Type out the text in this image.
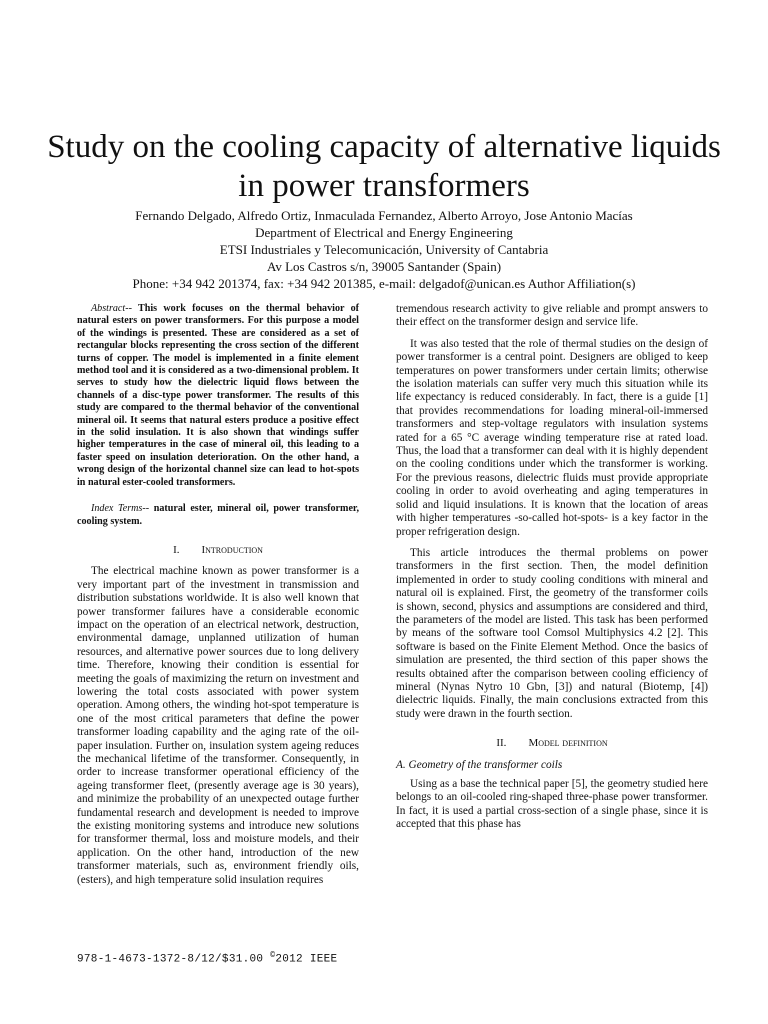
Study on the cooling capacity of alternative liquids
in power transformers
Fernando Delgado, Alfredo Ortiz, Inmaculada Fernandez, Alberto Arroyo, Jose Antonio Macías
Department of Electrical and Energy Engineering
ETSI Industriales y Telecomunicación, University of Cantabria
Av Los Castros s/n, 39005 Santander (Spain)
Phone: +34 942 201374, fax: +34 942 201385, e-mail: delgadof@unican.es Author Affiliation(s)

Abstract-- This work focuses on the thermal behavior of natural esters on power transformers. For this purpose a model of the windings is presented. These are considered as a set of rectangular blocks representing the cross section of the different turns of copper. The model is implemented in a finite element method tool and it is considered as a two-dimensional problem. It serves to study how the dielectric liquid flows between the channels of a disc-type power transformer. The results of this study are compared to the thermal behavior of the conventional mineral oil. It seems that natural esters produce a positive effect in the solid insulation. It is also shown that windings suffer higher temperatures in the case of mineral oil, this leading to a faster speed on insulation deterioration. On the other hand, a wrong design of the horizontal channel size can lead to hot-spots in natural ester-cooled transformers.

Index Terms-- natural ester, mineral oil, power transformer, cooling system.

I. Introduction

The electrical machine known as power transformer is a very important part of the investment in transmission and distribution substations worldwide. It is also well known that power transformer failures have a considerable economic impact on the operation of an electrical network, destruction, environmental damage, unplanned utilization of human resources, and alternative power sources due to long delivery time. Therefore, knowing their condition is essential for meeting the goals of maximizing the return on investment and lowering the total costs associated with power system operation. Among others, the winding hot-spot temperature is one of the most critical parameters that define the power transformer loading capability and the aging rate of the oil-paper insulation. Further on, insulation system ageing reduces the mechanical lifetime of the transformer. Consequently, in order to increase transformer operational efficiency of the ageing transformer fleet, (presently average age is 30 years), and minimize the probability of an unexpected outage further fundamental research and development is needed to improve the existing monitoring systems and introduce new solutions for transformer thermal, loss and moisture models, and their application. On the other hand, introduction of the new transformer materials, such as, environment friendly oils, (esters), and high temperature solid insulation requires

tremendous research activity to give reliable and prompt answers to their effect on the transformer design and service life.

It was also tested that the role of thermal studies on the design of power transformer is a central point. Designers are obliged to keep temperatures on power transformers under certain limits; otherwise the isolation materials can suffer very much this situation while its life expectancy is reduced considerably. In fact, there is a guide [1] that provides recommendations for loading mineral-oil-immersed transformers and step-voltage regulators with insulation systems rated for a 65 °C average winding temperature rise at rated load. Thus, the load that a transformer can deal with it is highly dependent on the cooling conditions under which the transformer is working. For the previous reasons, dielectric fluids must provide appropriate cooling in order to avoid overheating and aging temperatures in solid and liquid insulations. It is known that the location of areas with higher temperatures -so-called hot-spots- is a key factor in the proper refrigeration design.

This article introduces the thermal problems on power transformers in the first section. Then, the model definition implemented in order to study cooling conditions with mineral and natural oil is explained. First, the geometry of the transformer coils is shown, second, physics and assumptions are considered and third, the parameters of the model are listed. This task has been performed by means of the software tool Comsol Multiphysics 4.2 [2]. This software is based on the Finite Element Method. Once the basics of simulation are presented, the third section of this paper shows the results obtained after the comparison between cooling efficiency of mineral (Nynas Nytro 10 Gbn, [3]) and natural (Biotemp, [4]) dielectric liquids. Finally, the main conclusions extracted from this study were drawn in the fourth section.

II. Model definition

A. Geometry of the transformer coils

Using as a base the technical paper [5], the geometry studied here belongs to an oil-cooled ring-shaped three-phase power transformer. In fact, it is used a partial cross-section of a single phase, since it is accepted that this phase has

978-1-4673-1372-8/12/$31.00 ©2012 IEEE
